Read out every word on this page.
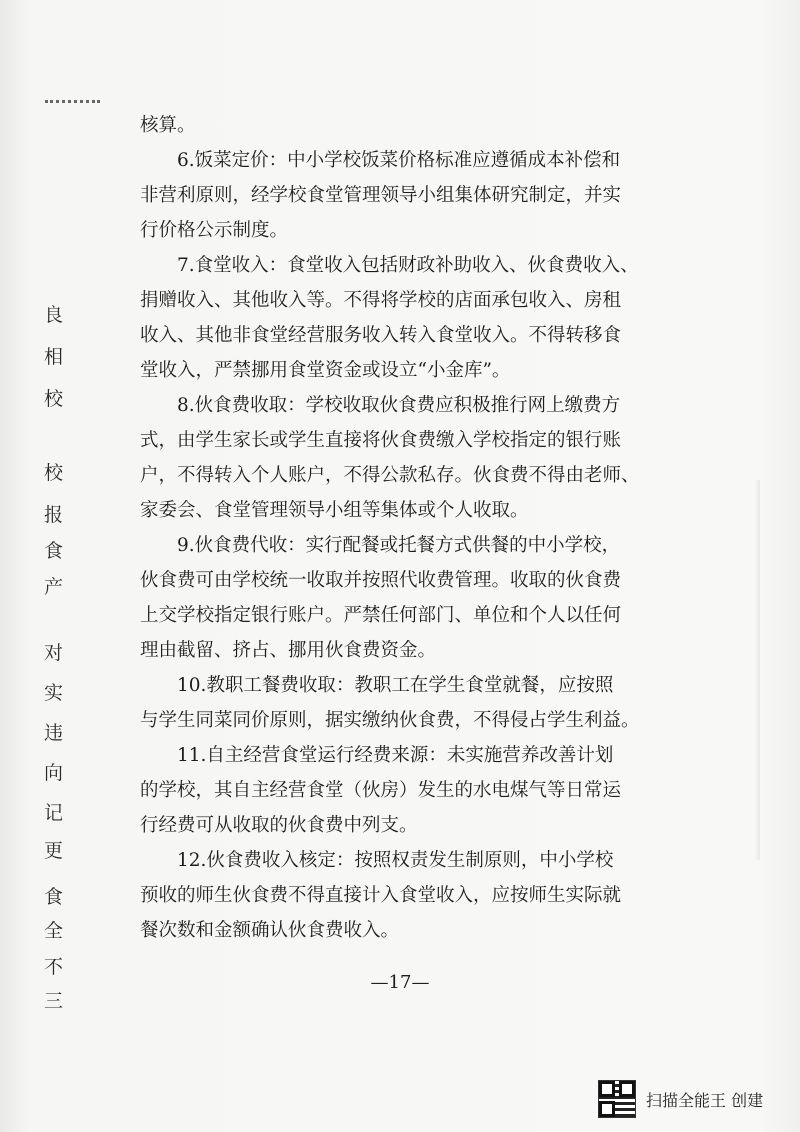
良
相
校
校
报
食
产
对
实
违
向
记
更
食
全
不
三
核算。
6.饭菜定价：中小学校饭菜价格标准应遵循成本补偿和
非营利原则，经学校食堂管理领导小组集体研究制定，并实
行价格公示制度。
7.食堂收入：食堂收入包括财政补助收入、伙食费收入、
捐赠收入、其他收入等。不得将学校的店面承包收入、房租
收入、其他非食堂经营服务收入转入食堂收入。不得转移食
堂收入，严禁挪用食堂资金或设立“小金库”。
8.伙食费收取：学校收取伙食费应积极推行网上缴费方
式，由学生家长或学生直接将伙食费缴入学校指定的银行账
户，不得转入个人账户，不得公款私存。伙食费不得由老师、
家委会、食堂管理领导小组等集体或个人收取。
9.伙食费代收：实行配餐或托餐方式供餐的中小学校，
伙食费可由学校统一收取并按照代收费管理。收取的伙食费
上交学校指定银行账户。严禁任何部门、单位和个人以任何
理由截留、挤占、挪用伙食费资金。
10.教职工餐费收取：教职工在学生食堂就餐，应按照
与学生同菜同价原则，据实缴纳伙食费，不得侵占学生利益。
11.自主经营食堂运行经费来源：未实施营养改善计划
的学校，其自主经营食堂（伙房）发生的水电煤气等日常运
行经费可从收取的伙食费中列支。
12.伙食费收入核定：按照权责发生制原则，中小学校
预收的师生伙食费不得直接计入食堂收入，应按师生实际就
餐次数和金额确认伙食费收入。
—17—
扫描全能王 创建
